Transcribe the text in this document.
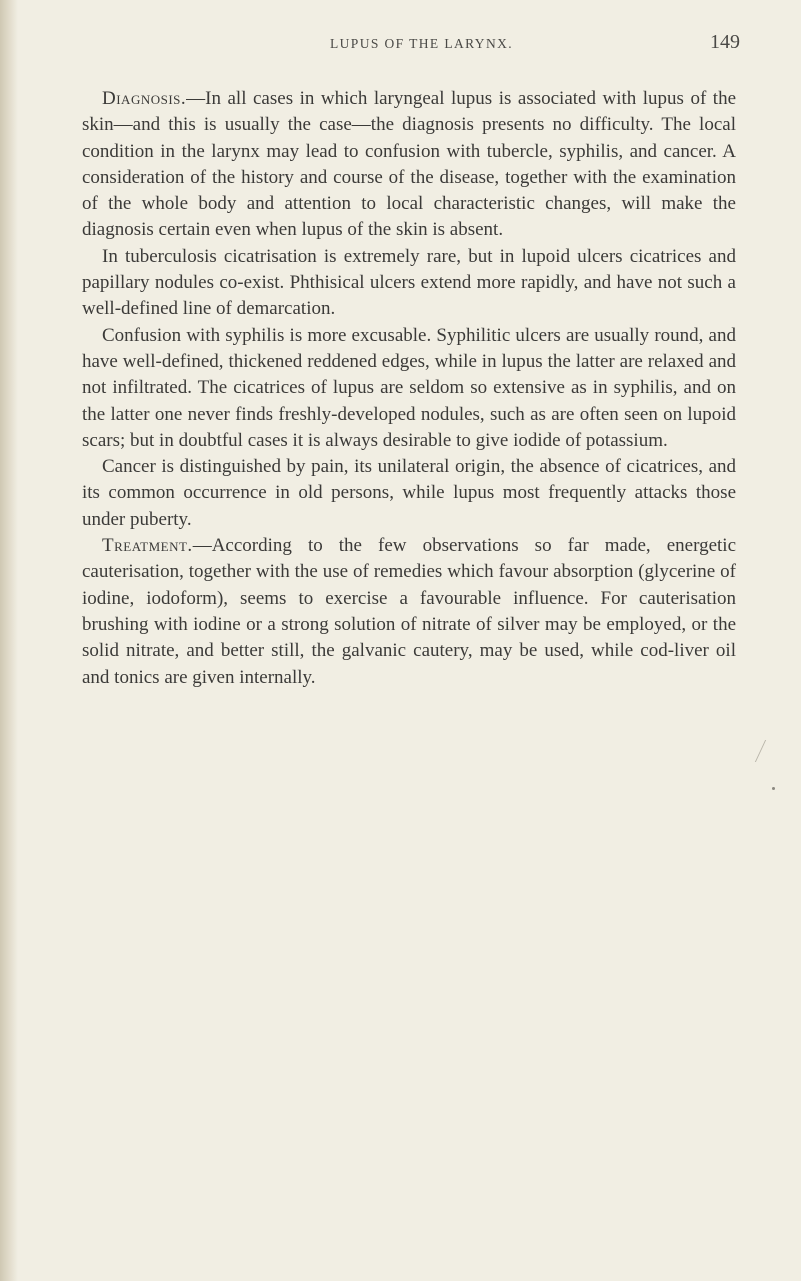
LUPUS OF THE LARYNX.	149

Diagnosis.—In all cases in which laryngeal lupus is associated with lupus of the skin—and this is usually the case—the diagnosis presents no difficulty. The local condition in the larynx may lead to confusion with tubercle, syphilis, and cancer. A consideration of the history and course of the disease, together with the examination of the whole body and attention to local characteristic changes, will make the diagnosis certain even when lupus of the skin is absent.

In tuberculosis cicatrisation is extremely rare, but in lupoid ulcers cicatrices and papillary nodules co-exist. Phthisical ulcers extend more rapidly, and have not such a well-defined line of demarcation.

Confusion with syphilis is more excusable. Syphilitic ulcers are usually round, and have well-defined, thickened reddened edges, while in lupus the latter are relaxed and not infiltrated. The cicatrices of lupus are seldom so extensive as in syphilis, and on the latter one never finds freshly-developed nodules, such as are often seen on lupoid scars; but in doubtful cases it is always desirable to give iodide of potassium.

Cancer is distinguished by pain, its unilateral origin, the absence of cicatrices, and its common occurrence in old persons, while lupus most frequently attacks those under puberty.

Treatment.—According to the few observations so far made, energetic cauterisation, together with the use of remedies which favour absorption (glycerine of iodine, iodoform), seems to exercise a favourable influence. For cauterisation brushing with iodine or a strong solution of nitrate of silver may be employed, or the solid nitrate, and better still, the galvanic cautery, may be used, while cod-liver oil and tonics are given internally.
